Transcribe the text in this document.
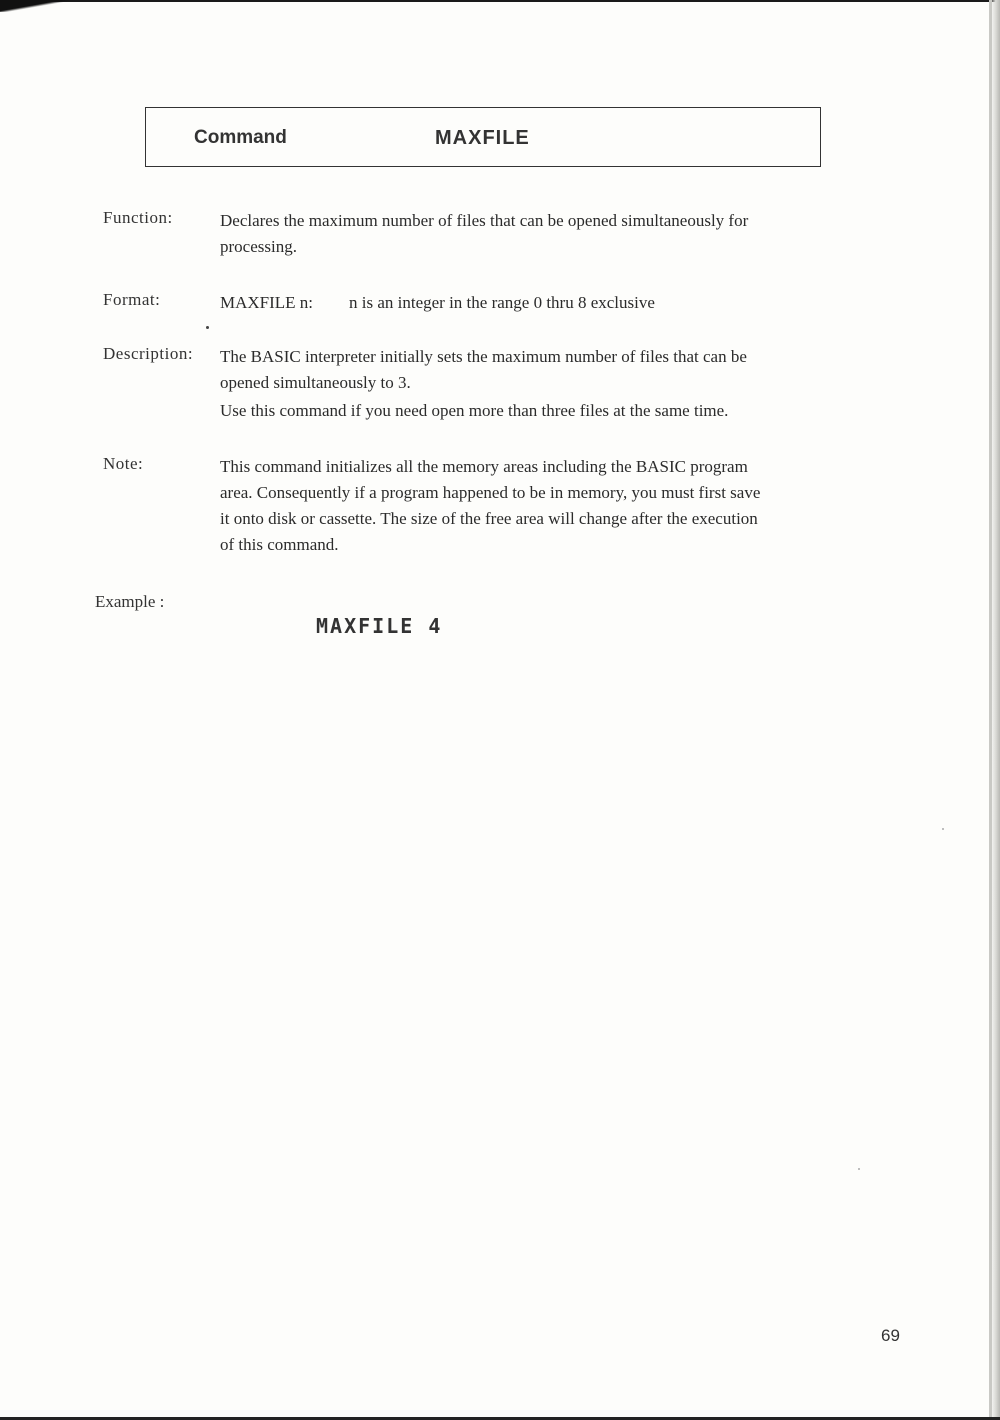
Command	MAXFILE
Function:	Declares the maximum number of files that can be opened simultaneously for
processing.
Format:	MAXFILE n: n is an integer in the range 0 thru 8 exclusive
Description: The BASIC interpreter initially sets the maximum number of files that can be
opened simultaneously to 3.
Use this command if you need open more than three files at the same time.
Note:	This command initializes all the memory areas including the BASIC program
area. Consequently if a program happened to be in memory, you must first save
it onto disk or cassette. The size of the free area will change after the execution
of this command.
Example :
MAXFILE 4
69
